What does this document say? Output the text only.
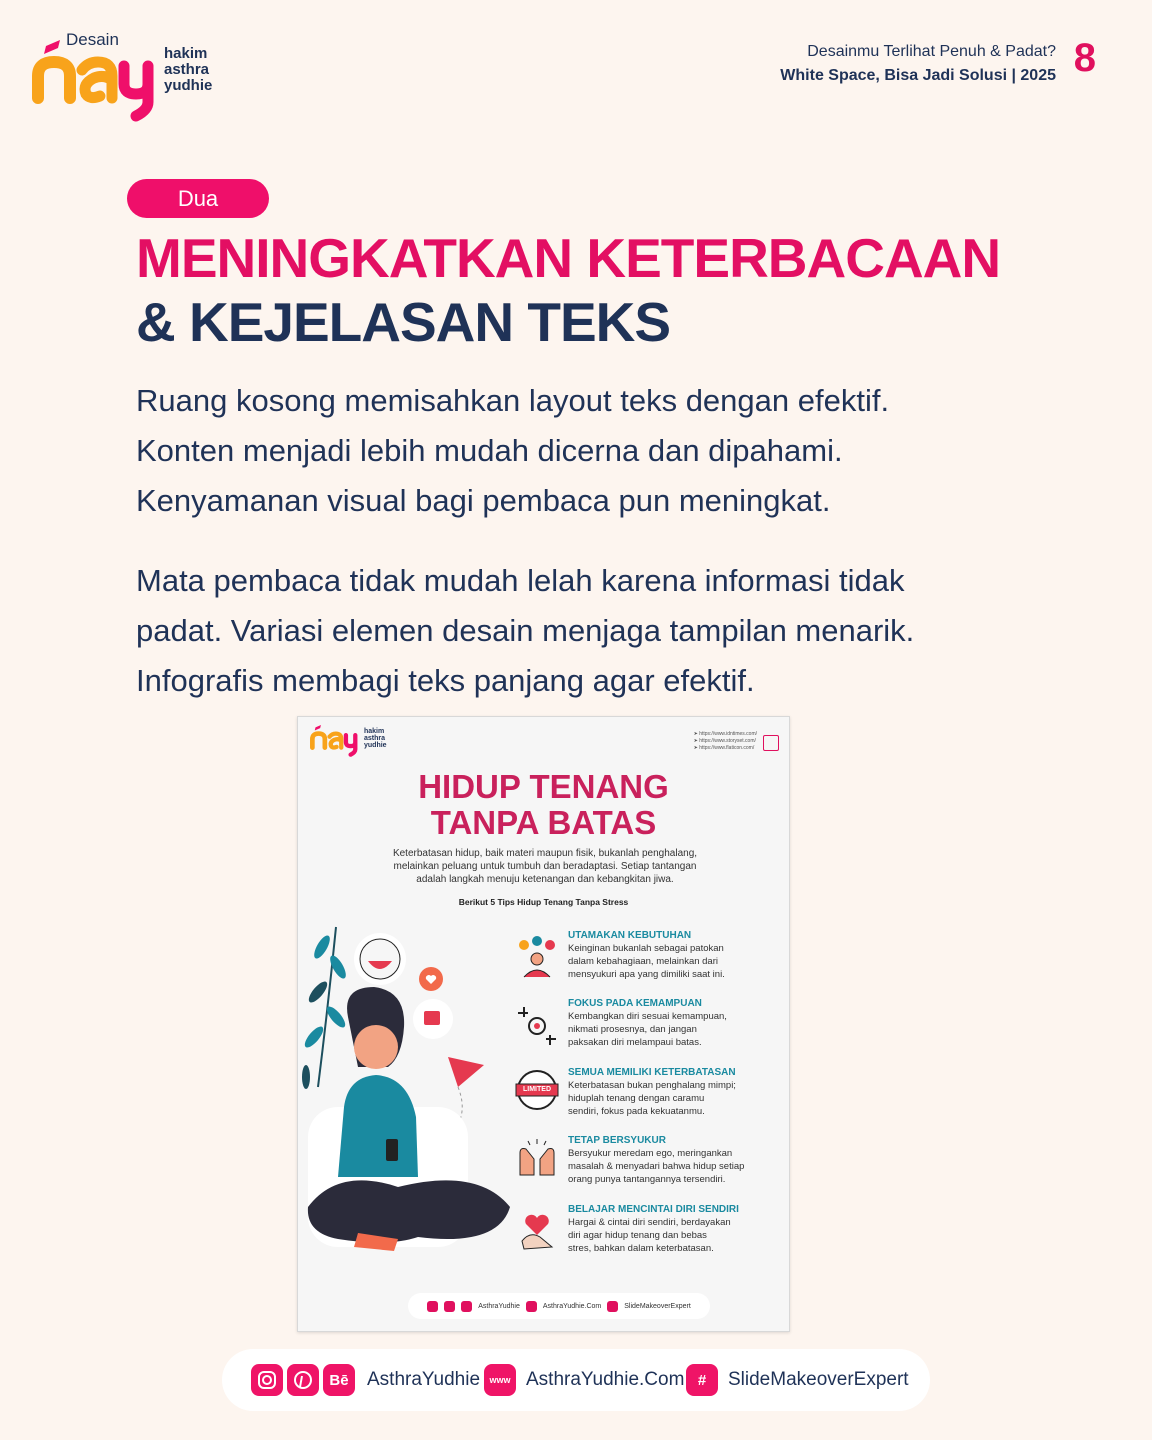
Desain
hakim
asthra
yudhie
Desainmu Terlihat Penuh & Padat?
White Space, Bisa Jadi Solusi | 2025 8
Dua
MENINGKATKAN KETERBACAAN
& KEJELASAN TEKS
Ruang kosong memisahkan layout teks dengan efektif.
Konten menjadi lebih mudah dicerna dan dipahami.
Kenyamanan visual bagi pembaca pun meningkat.
Mata pembaca tidak mudah lelah karena informasi tidak
padat. Variasi elemen desain menjaga tampilan menarik.
Infografis membagi teks panjang agar efektif.
hakim
asthra
yudhie
➤ https://www.idntimes.com/
➤ https://www.storyset.com/
➤ https://www.flaticon.com/
HIDUP TENANG
TANPA BATAS
Keterbatasan hidup, baik materi maupun fisik, bukanlah penghalang,
melainkan peluang untuk tumbuh dan beradaptasi. Setiap tantangan
adalah langkah menuju ketenangan dan kebangkitan jiwa.
Berikut 5 Tips Hidup Tenang Tanpa Stress
UTAMAKAN KEBUTUHAN
Keinginan bukanlah sebagai patokan
dalam kebahagiaan, melainkan dari
mensyukuri apa yang dimiliki saat ini.
FOKUS PADA KEMAMPUAN
Kembangkan diri sesuai kemampuan,
nikmati prosesnya, dan jangan
paksakan diri melampaui batas.
LIMITED
SEMUA MEMILIKI KETERBATASAN
Keterbatasan bukan penghalang mimpi;
hiduplah tenang dengan caramu
sendiri, fokus pada kekuatanmu.
TETAP BERSYUKUR
Bersyukur meredam ego, meringankan
masalah & menyadari bahwa hidup setiap
orang punya tantangannya tersendiri.
BELAJAR MENCINTAI DIRI SENDIRI
Hargai & cintai diri sendiri, berdayakan
diri agar hidup tenang dan bebas
stres, bahkan dalam keterbatasan.
AsthraYudhie	AsthraYudhie.Com	SlideMakeoverExpert
Bē AsthraYudhie	www AsthraYudhie.Com #	SlideMakeoverExpert
